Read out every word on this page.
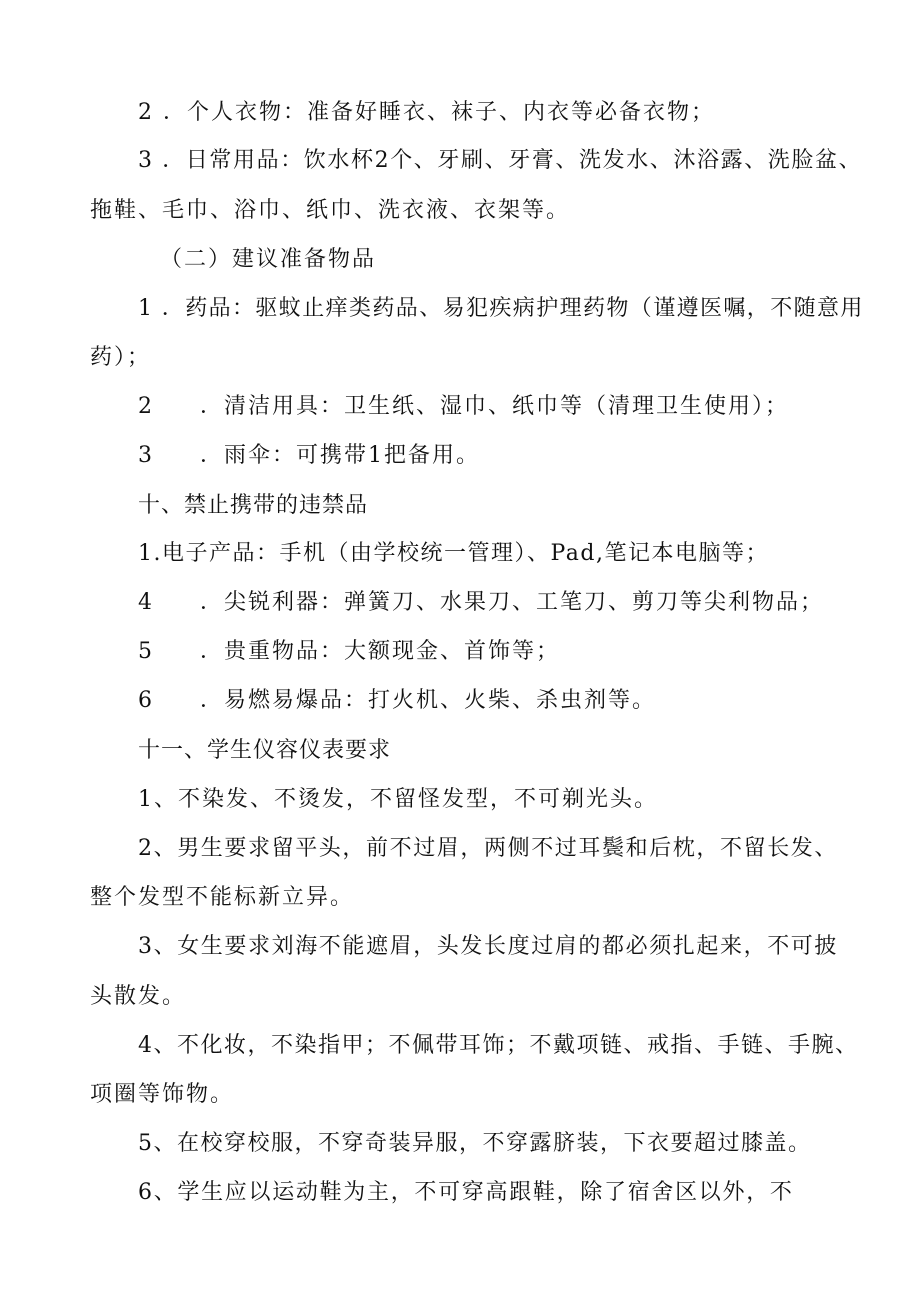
2 ．个人衣物：准备好睡衣、袜子、内衣等必备衣物；
3 ．日常用品：饮水杯2个、牙刷、牙膏、洗发水、沐浴露、洗脸盆、
拖鞋、毛巾、浴巾、纸巾、洗衣液、衣架等。
（二）建议准备物品
1 ．药品：驱蚊止痒类药品、易犯疾病护理药物（谨遵医嘱，不随意用
药）；
2 ．清洁用具：卫生纸、湿巾、纸巾等（清理卫生使用）；
3 ．雨伞：可携带1把备用。
十、禁止携带的违禁品
1.电子产品：手机（由学校统一管理）、Pad,笔记本电脑等；
4 ．尖锐利器：弹簧刀、水果刀、工笔刀、剪刀等尖利物品；
5 ．贵重物品：大额现金、首饰等；
6 ．易燃易爆品：打火机、火柴、杀虫剂等。
十一、学生仪容仪表要求
1、不染发、不烫发，不留怪发型，不可剃光头。
2、男生要求留平头，前不过眉，两侧不过耳鬓和后枕，不留长发、
整个发型不能标新立异。
3、女生要求刘海不能遮眉，头发长度过肩的都必须扎起来，不可披
头散发。
4、不化妆，不染指甲；不佩带耳饰；不戴项链、戒指、手链、手腕、
项圈等饰物。
5、在校穿校服，不穿奇装异服，不穿露脐装，下衣要超过膝盖。
6、学生应以运动鞋为主，不可穿高跟鞋，除了宿舍区以外，不
